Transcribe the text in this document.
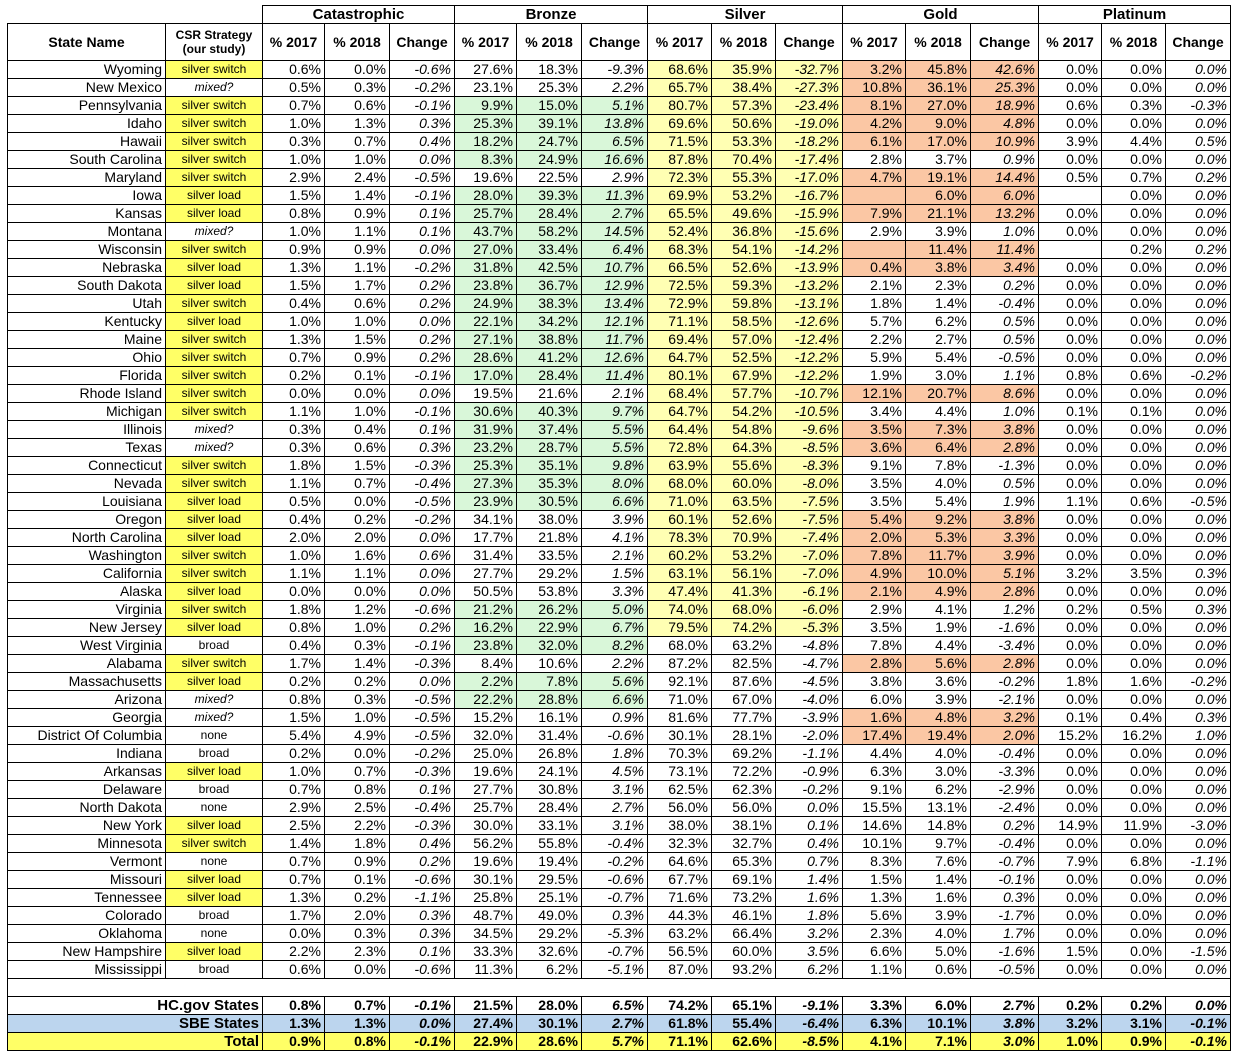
		Catastrophic			Bronze			Silver			Gold			Platinum		
State Name	CSR Strategy (our study)	% 2017	% 2018	Change	% 2017	% 2018	Change	% 2017	% 2018	Change	% 2017	% 2018	Change	% 2017	% 2018	Change
Wyoming	silver switch	0.6%	0.0%	-0.6%	27.6%	18.3%	-9.3%	68.6%	35.9%	-32.7%	3.2%	45.8%	42.6%	0.0%	0.0%	0.0%
New Mexico	mixed?	0.5%	0.3%	-0.2%	23.1%	25.3%	2.2%	65.7%	38.4%	-27.3%	10.8%	36.1%	25.3%	0.0%	0.0%	0.0%
Pennsylvania	silver switch	0.7%	0.6%	-0.1%	9.9%	15.0%	5.1%	80.7%	57.3%	-23.4%	8.1%	27.0%	18.9%	0.6%	0.3%	-0.3%
Idaho	silver switch	1.0%	1.3%	0.3%	25.3%	39.1%	13.8%	69.6%	50.6%	-19.0%	4.2%	9.0%	4.8%	0.0%	0.0%	0.0%
Hawaii	silver switch	0.3%	0.7%	0.4%	18.2%	24.7%	6.5%	71.5%	53.3%	-18.2%	6.1%	17.0%	10.9%	3.9%	4.4%	0.5%
South Carolina	silver switch	1.0%	1.0%	0.0%	8.3%	24.9%	16.6%	87.8%	70.4%	-17.4%	2.8%	3.7%	0.9%	0.0%	0.0%	0.0%
Maryland	silver switch	2.9%	2.4%	-0.5%	19.6%	22.5%	2.9%	72.3%	55.3%	-17.0%	4.7%	19.1%	14.4%	0.5%	0.7%	0.2%
Iowa	silver load	1.5%	1.4%	-0.1%	28.0%	39.3%	11.3%	69.9%	53.2%	-16.7%		6.0%	6.0%		0.0%	0.0%
Kansas	silver load	0.8%	0.9%	0.1%	25.7%	28.4%	2.7%	65.5%	49.6%	-15.9%	7.9%	21.1%	13.2%	0.0%	0.0%	0.0%
Montana	mixed?	1.0%	1.1%	0.1%	43.7%	58.2%	14.5%	52.4%	36.8%	-15.6%	2.9%	3.9%	1.0%	0.0%	0.0%	0.0%
Wisconsin	silver switch	0.9%	0.9%	0.0%	27.0%	33.4%	6.4%	68.3%	54.1%	-14.2%		11.4%	11.4%		0.2%	0.2%
Nebraska	silver load	1.3%	1.1%	-0.2%	31.8%	42.5%	10.7%	66.5%	52.6%	-13.9%	0.4%	3.8%	3.4%	0.0%	0.0%	0.0%
South Dakota	silver load	1.5%	1.7%	0.2%	23.8%	36.7%	12.9%	72.5%	59.3%	-13.2%	2.1%	2.3%	0.2%	0.0%	0.0%	0.0%
Utah	silver switch	0.4%	0.6%	0.2%	24.9%	38.3%	13.4%	72.9%	59.8%	-13.1%	1.8%	1.4%	-0.4%	0.0%	0.0%	0.0%
Kentucky	silver load	1.0%	1.0%	0.0%	22.1%	34.2%	12.1%	71.1%	58.5%	-12.6%	5.7%	6.2%	0.5%	0.0%	0.0%	0.0%
Maine	silver switch	1.3%	1.5%	0.2%	27.1%	38.8%	11.7%	69.4%	57.0%	-12.4%	2.2%	2.7%	0.5%	0.0%	0.0%	0.0%
Ohio	silver switch	0.7%	0.9%	0.2%	28.6%	41.2%	12.6%	64.7%	52.5%	-12.2%	5.9%	5.4%	-0.5%	0.0%	0.0%	0.0%
Florida	silver switch	0.2%	0.1%	-0.1%	17.0%	28.4%	11.4%	80.1%	67.9%	-12.2%	1.9%	3.0%	1.1%	0.8%	0.6%	-0.2%
Rhode Island	silver switch	0.0%	0.0%	0.0%	19.5%	21.6%	2.1%	68.4%	57.7%	-10.7%	12.1%	20.7%	8.6%	0.0%	0.0%	0.0%
Michigan	silver switch	1.1%	1.0%	-0.1%	30.6%	40.3%	9.7%	64.7%	54.2%	-10.5%	3.4%	4.4%	1.0%	0.1%	0.1%	0.0%
Illinois	mixed?	0.3%	0.4%	0.1%	31.9%	37.4%	5.5%	64.4%	54.8%	-9.6%	3.5%	7.3%	3.8%	0.0%	0.0%	0.0%
Texas	mixed?	0.3%	0.6%	0.3%	23.2%	28.7%	5.5%	72.8%	64.3%	-8.5%	3.6%	6.4%	2.8%	0.0%	0.0%	0.0%
Connecticut	silver switch	1.8%	1.5%	-0.3%	25.3%	35.1%	9.8%	63.9%	55.6%	-8.3%	9.1%	7.8%	-1.3%	0.0%	0.0%	0.0%
Nevada	silver switch	1.1%	0.7%	-0.4%	27.3%	35.3%	8.0%	68.0%	60.0%	-8.0%	3.5%	4.0%	0.5%	0.0%	0.0%	0.0%
Louisiana	silver load	0.5%	0.0%	-0.5%	23.9%	30.5%	6.6%	71.0%	63.5%	-7.5%	3.5%	5.4%	1.9%	1.1%	0.6%	-0.5%
Oregon	silver load	0.4%	0.2%	-0.2%	34.1%	38.0%	3.9%	60.1%	52.6%	-7.5%	5.4%	9.2%	3.8%	0.0%	0.0%	0.0%
North Carolina	silver load	2.0%	2.0%	0.0%	17.7%	21.8%	4.1%	78.3%	70.9%	-7.4%	2.0%	5.3%	3.3%	0.0%	0.0%	0.0%
Washington	silver switch	1.0%	1.6%	0.6%	31.4%	33.5%	2.1%	60.2%	53.2%	-7.0%	7.8%	11.7%	3.9%	0.0%	0.0%	0.0%
California	silver switch	1.1%	1.1%	0.0%	27.7%	29.2%	1.5%	63.1%	56.1%	-7.0%	4.9%	10.0%	5.1%	3.2%	3.5%	0.3%
Alaska	silver load	0.0%	0.0%	0.0%	50.5%	53.8%	3.3%	47.4%	41.3%	-6.1%	2.1%	4.9%	2.8%	0.0%	0.0%	0.0%
Virginia	silver switch	1.8%	1.2%	-0.6%	21.2%	26.2%	5.0%	74.0%	68.0%	-6.0%	2.9%	4.1%	1.2%	0.2%	0.5%	0.3%
New Jersey	silver load	0.8%	1.0%	0.2%	16.2%	22.9%	6.7%	79.5%	74.2%	-5.3%	3.5%	1.9%	-1.6%	0.0%	0.0%	0.0%
West Virginia	broad	0.4%	0.3%	-0.1%	23.8%	32.0%	8.2%	68.0%	63.2%	-4.8%	7.8%	4.4%	-3.4%	0.0%	0.0%	0.0%
Alabama	silver switch	1.7%	1.4%	-0.3%	8.4%	10.6%	2.2%	87.2%	82.5%	-4.7%	2.8%	5.6%	2.8%	0.0%	0.0%	0.0%
Massachusetts	silver load	0.2%	0.2%	0.0%	2.2%	7.8%	5.6%	92.1%	87.6%	-4.5%	3.8%	3.6%	-0.2%	1.8%	1.6%	-0.2%
Arizona	mixed?	0.8%	0.3%	-0.5%	22.2%	28.8%	6.6%	71.0%	67.0%	-4.0%	6.0%	3.9%	-2.1%	0.0%	0.0%	0.0%
Georgia	mixed?	1.5%	1.0%	-0.5%	15.2%	16.1%	0.9%	81.6%	77.7%	-3.9%	1.6%	4.8%	3.2%	0.1%	0.4%	0.3%
District Of Columbia	none	5.4%	4.9%	-0.5%	32.0%	31.4%	-0.6%	30.1%	28.1%	-2.0%	17.4%	19.4%	2.0%	15.2%	16.2%	1.0%
Indiana	broad	0.2%	0.0%	-0.2%	25.0%	26.8%	1.8%	70.3%	69.2%	-1.1%	4.4%	4.0%	-0.4%	0.0%	0.0%	0.0%
Arkansas	silver load	1.0%	0.7%	-0.3%	19.6%	24.1%	4.5%	73.1%	72.2%	-0.9%	6.3%	3.0%	-3.3%	0.0%	0.0%	0.0%
Delaware	broad	0.7%	0.8%	0.1%	27.7%	30.8%	3.1%	62.5%	62.3%	-0.2%	9.1%	6.2%	-2.9%	0.0%	0.0%	0.0%
North Dakota	none	2.9%	2.5%	-0.4%	25.7%	28.4%	2.7%	56.0%	56.0%	0.0%	15.5%	13.1%	-2.4%	0.0%	0.0%	0.0%
New York	silver load	2.5%	2.2%	-0.3%	30.0%	33.1%	3.1%	38.0%	38.1%	0.1%	14.6%	14.8%	0.2%	14.9%	11.9%	-3.0%
Minnesota	silver switch	1.4%	1.8%	0.4%	56.2%	55.8%	-0.4%	32.3%	32.7%	0.4%	10.1%	9.7%	-0.4%	0.0%	0.0%	0.0%
Vermont	none	0.7%	0.9%	0.2%	19.6%	19.4%	-0.2%	64.6%	65.3%	0.7%	8.3%	7.6%	-0.7%	7.9%	6.8%	-1.1%
Missouri	silver load	0.7%	0.1%	-0.6%	30.1%	29.5%	-0.6%	67.7%	69.1%	1.4%	1.5%	1.4%	-0.1%	0.0%	0.0%	0.0%
Tennessee	silver load	1.3%	0.2%	-1.1%	25.8%	25.1%	-0.7%	71.6%	73.2%	1.6%	1.3%	1.6%	0.3%	0.0%	0.0%	0.0%
Colorado	broad	1.7%	2.0%	0.3%	48.7%	49.0%	0.3%	44.3%	46.1%	1.8%	5.6%	3.9%	-1.7%	0.0%	0.0%	0.0%
Oklahoma	none	0.0%	0.3%	0.3%	34.5%	29.2%	-5.3%	63.2%	66.4%	3.2%	2.3%	4.0%	1.7%	0.0%	0.0%	0.0%
New Hampshire	silver load	2.2%	2.3%	0.1%	33.3%	32.6%	-0.7%	56.5%	60.0%	3.5%	6.6%	5.0%	-1.6%	1.5%	0.0%	-1.5%
Mississippi	broad	0.6%	0.0%	-0.6%	11.3%	6.2%	-5.1%	87.0%	93.2%	6.2%	1.1%	0.6%	-0.5%	0.0%	0.0%	0.0%

HC.gov States		0.8%	0.7%	-0.1%	21.5%	28.0%	6.5%	74.2%	65.1%	-9.1%	3.3%	6.0%	2.7%	0.2%	0.2%	0.0%
SBE States		1.3%	1.3%	0.0%	27.4%	30.1%	2.7%	61.8%	55.4%	-6.4%	6.3%	10.1%	3.8%	3.2%	3.1%	-0.1%
Total		0.9%	0.8%	-0.1%	22.9%	28.6%	5.7%	71.1%	62.6%	-8.5%	4.1%	7.1%	3.0%	1.0%	0.9%	-0.1%
